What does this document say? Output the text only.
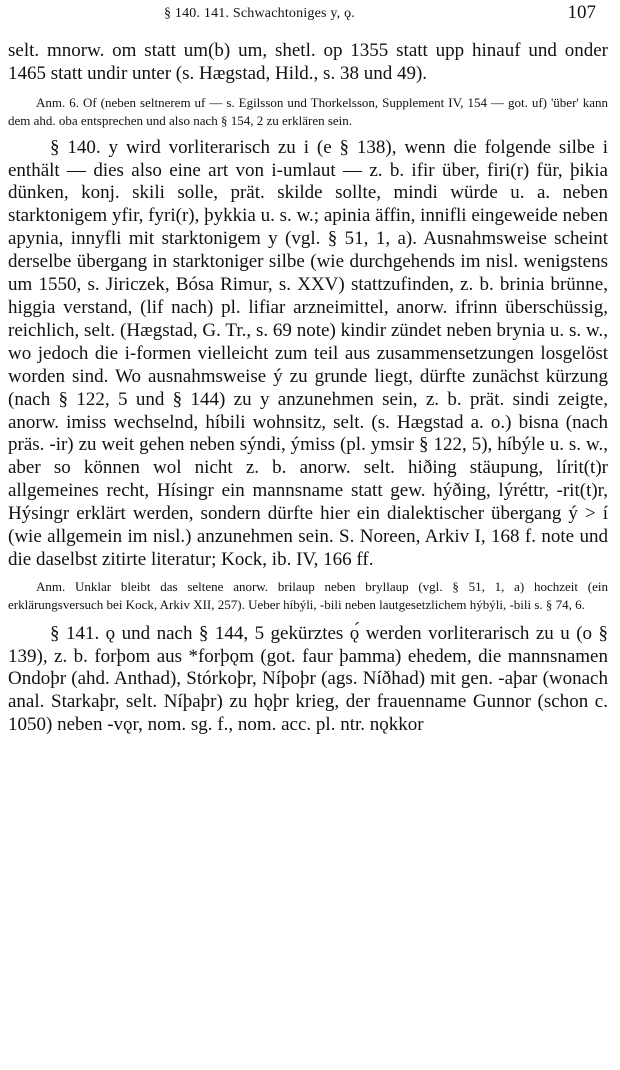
§ 140. 141. Schwachtoniges y, ǫ.	107

selt. mnorw. om statt um(b) um, shetl. op 1355 statt upp hinauf und onder 1465 statt undir unter (s. Hægstad, Hild., s. 38 und 49).

Anm. 6. Of (neben seltnerem uf — s. Egilsson und Thorkelsson, Supplement IV, 154 — got. uf) 'über' kann dem ahd. oba entsprechen und also nach § 154, 2 zu erklären sein.

§ 140. y wird vorliterarisch zu i (e § 138), wenn die folgende silbe i enthält — dies also eine art von i-umlaut — z. b. ifir über, firi(r) für, þikia dünken, konj. skili solle, prät. skilde sollte, mindi würde u. a. neben starktonigem yfir, fyri(r), þykkia u. s. w.; apinia äffin, innifli eingeweide neben apynia, innyfli mit starktonigem y (vgl. § 51, 1, a). Ausnahmsweise scheint derselbe übergang in starktoniger silbe (wie durchgehends im nisl. wenigstens um 1550, s. Jiriczek, Bósa Rimur, s. XXV) stattzufinden, z. b. brinia brünne, higgia verstand, (lif nach) pl. lifiar arzneimittel, anorw. ifrinn überschüssig, reichlich, selt. (Hægstad, G. Tr., s. 69 note) kindir zündet neben brynia u. s. w., wo jedoch die i-formen vielleicht zum teil aus zusammensetzungen losgelöst worden sind. Wo ausnahmsweise ý zu grunde liegt, dürfte zunächst kürzung (nach § 122, 5 und § 144) zu y anzunehmen sein, z. b. prät. sindi zeigte, anorw. imiss wechselnd, híbili wohnsitz, selt. (s. Hægstad a. o.) bisna (nach präs. -ir) zu weit gehen neben sýndi, ýmiss (pl. ymsir § 122, 5), híbýle u. s. w., aber so können wol nicht z. b. anorw. selt. hiðing stäupung, lírit(t)r allgemeines recht, Hísingr ein mannsname statt gew. hýðing, lýréttr, -rit(t)r, Hýsingr erklärt werden, sondern dürfte hier ein dialektischer übergang ý > í (wie allgemein im nisl.) anzunehmen sein. S. Noreen, Arkiv I, 168 f. note und die daselbst zitirte literatur; Kock, ib. IV, 166 ff.

Anm. Unklar bleibt das seltene anorw. brilaup neben bryllaup (vgl. § 51, 1, a) hochzeit (ein erklärungsversuch bei Kock, Arkiv XII, 257). Ueber híbýli, -bili neben lautgesetzlichem hýbýli, -bili s. § 74, 6.

§ 141. ǫ und nach § 144, 5 gekürztes ǫ́ werden vorliterarisch zu u (o § 139), z. b. forþom aus *forþǫm (got. faur þamma) ehedem, die mannsnamen Ondoþr (ahd. Anthad), Stórkoþr, Níþoþr (ags. Níðhad) mit gen. -aþar (wonach anal. Starkaþr, selt. Níþaþr) zu hǫþr krieg, der frauenname Gunnor (schon c. 1050) neben -vǫr, nom. sg. f., nom. acc. pl. ntr. nǫkkor
